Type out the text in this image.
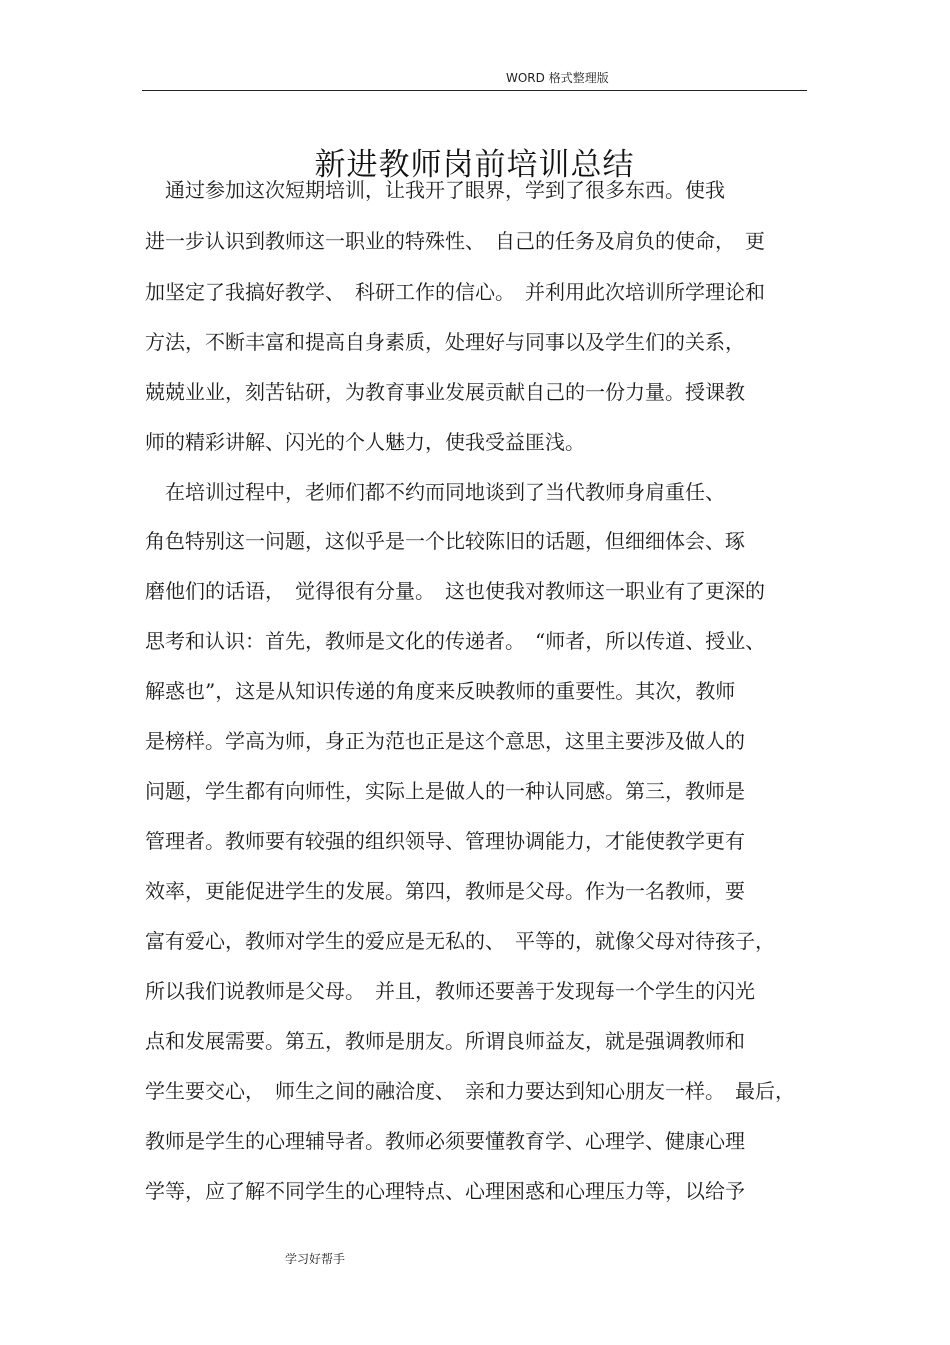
WORD 格式整理版
新进教师岗前培训总结
　通过参加这次短期培训，让我开了眼界，学到了很多东西。使我
进一步认识到教师这一职业的特殊性、　自己的任务及肩负的使命，　更
加坚定了我搞好教学、　科研工作的信心。　并利用此次培训所学理论和
方法，不断丰富和提高自身素质，处理好与同事以及学生们的关系，
兢兢业业，刻苦钻研，为教育事业发展贡献自己的一份力量。授课教
师的精彩讲解、闪光的个人魅力，使我受益匪浅。
　在培训过程中，老师们都不约而同地谈到了当代教师身肩重任、
角色特别这一问题，这似乎是一个比较陈旧的话题，但细细体会、琢
磨他们的话语，　觉得很有分量。　这也使我对教师这一职业有了更深的
思考和认识：首先，教师是文化的传递者。　“师者，所以传道、授业、
解惑也”，这是从知识传递的角度来反映教师的重要性。其次，教师
是榜样。学高为师，身正为范也正是这个意思，这里主要涉及做人的
问题，学生都有向师性，实际上是做人的一种认同感。第三，教师是
管理者。教师要有较强的组织领导、管理协调能力，才能使教学更有
效率，更能促进学生的发展。第四，教师是父母。作为一名教师，要
富有爱心，教师对学生的爱应是无私的、　平等的，就像父母对待孩子，
所以我们说教师是父母。　并且，教师还要善于发现每一个学生的闪光
点和发展需要。第五，教师是朋友。所谓良师益友，就是强调教师和
学生要交心，　师生之间的融洽度、　亲和力要达到知心朋友一样。　最后，
教师是学生的心理辅导者。教师必须要懂教育学、心理学、健康心理
学等，应了解不同学生的心理特点、心理困惑和心理压力等，以给予
学习好帮手
